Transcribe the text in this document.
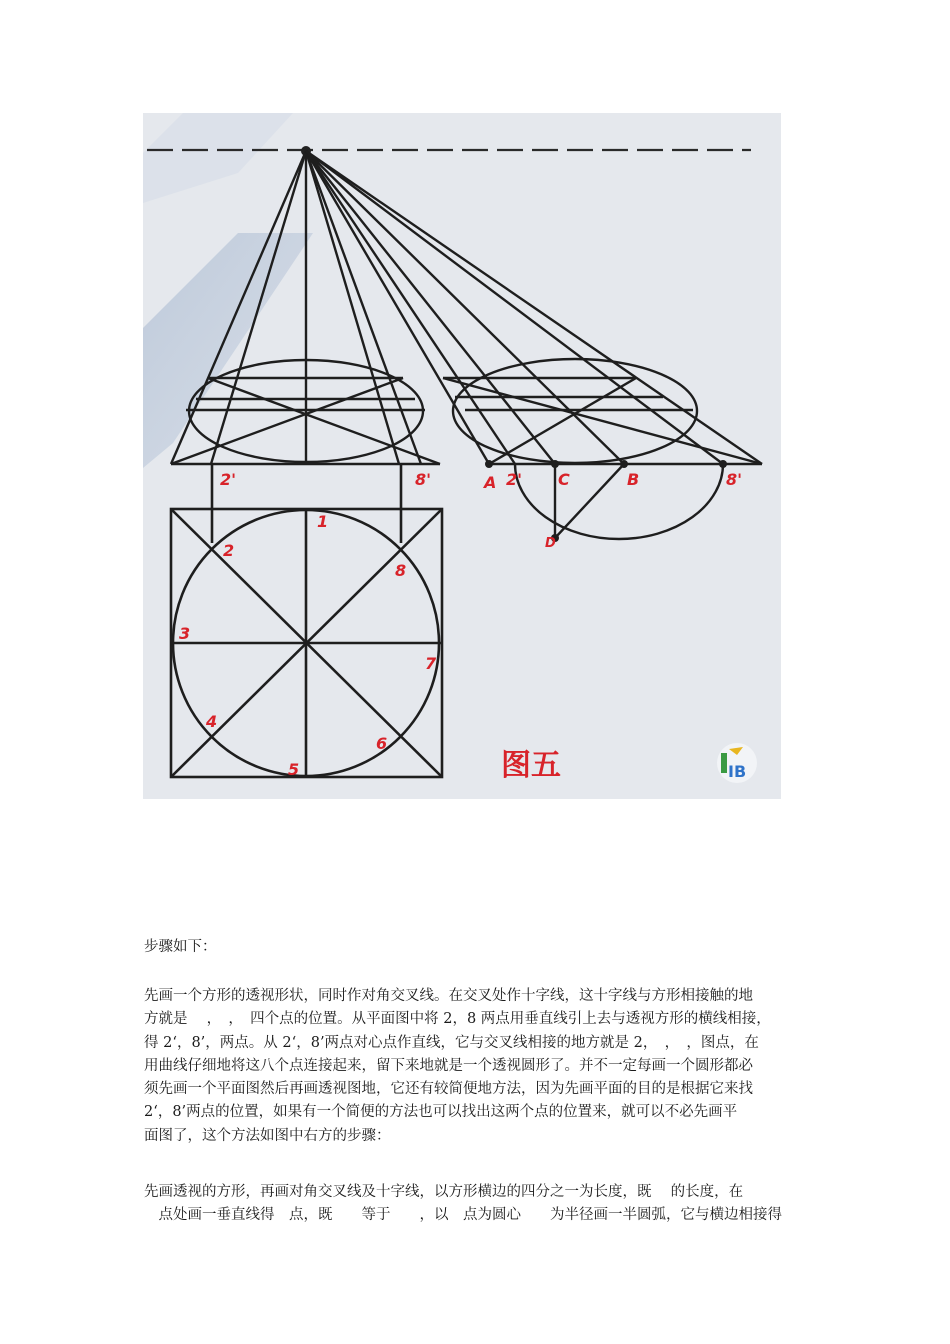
2'	8'
1
2
8
3
7
4
6
5
A 2' C	B	8'
D
图五	IB
步骤如下：

先画一个方形的透视形状，同时作对角交叉线。在交叉处作十字线，这十字线与方形相接触的地

方就是　 ，　，　四个点的位置。从平面图中将 2，8 两点用垂直线引上去与透视方形的横线相接，

得 2‘，8’，两点。从 2‘，8’两点对心点作直线，它与交叉线相接的地方就是 2，　，　，图点，在

用曲线仔细地将这八个点连接起来，留下来地就是一个透视圆形了。并不一定每画一个圆形都必

须先画一个平面图然后再画透视图地，它还有较简便地方法，因为先画平面的目的是根据它来找

2‘，8’两点的位置，如果有一个简便的方法也可以找出这两个点的位置来，就可以不必先画平

面图了，这个方法如图中右方的步骤：

先画透视的方形，再画对角交叉线及十字线，以方形横边的四分之一为长度，既　 的长度，在

　点处画一垂直线得　点，既　　等于　　，以　点为圆心　　为半径画一半圆弧，它与横边相接得
